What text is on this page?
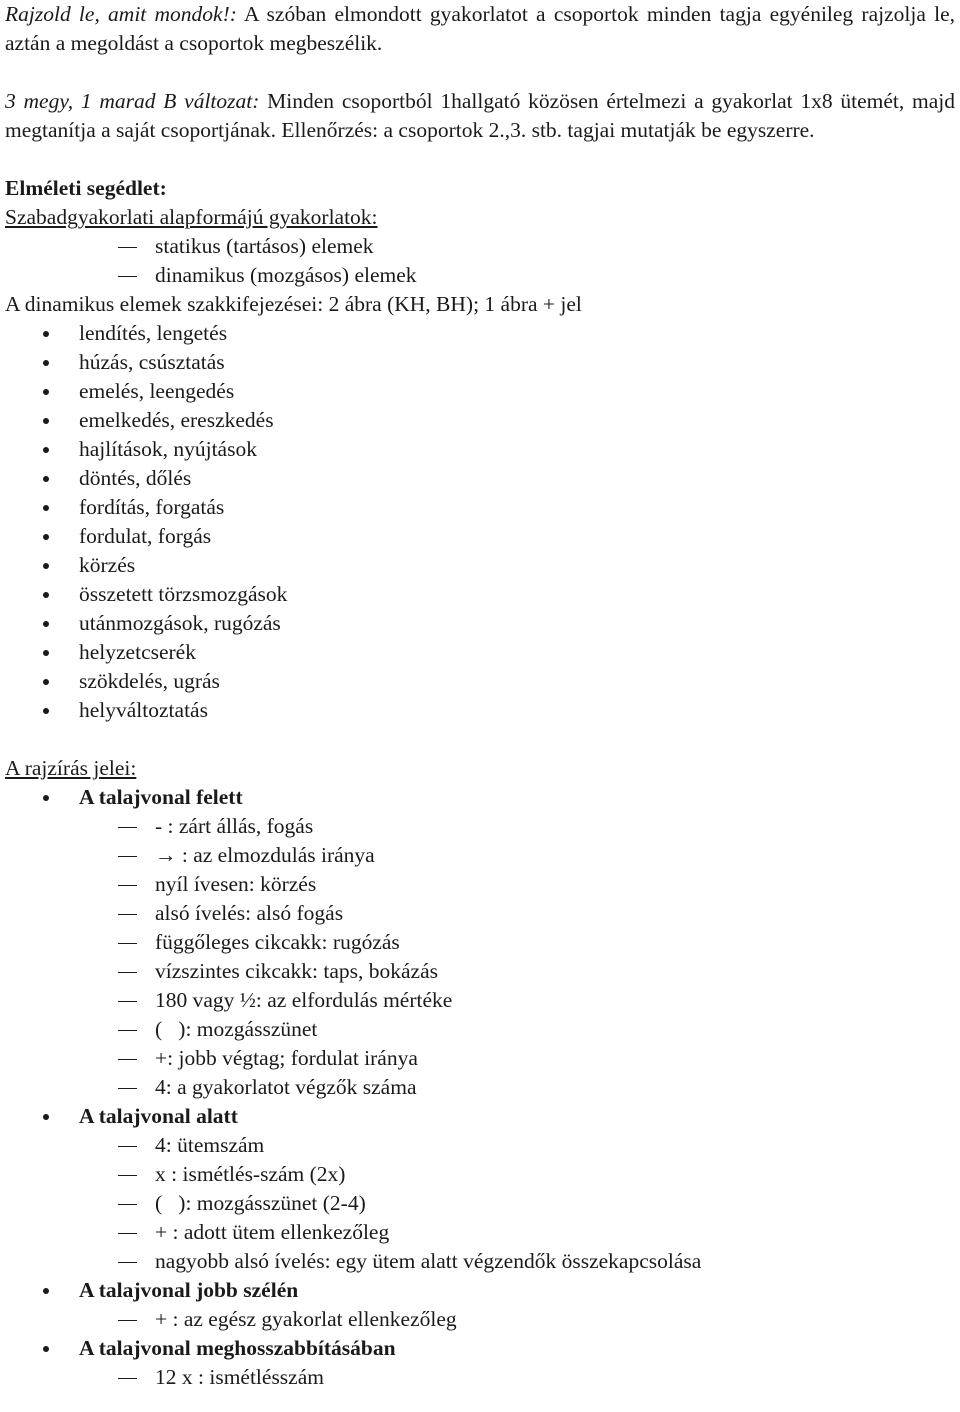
Rajzold le, amit mondok!: A szóban elmondott gyakorlatot a csoportok minden tagja egyénileg rajzolja le, aztán a megoldást a csoportok megbeszélik.

3 megy, 1 marad B változat: Minden csoportból 1hallgató közösen értelmezi a gyakorlat 1x8 ütemét, majd megtanítja a saját csoportjának. Ellenőrzés: a csoportok 2.,3. stb. tagjai mutatják be egyszerre.

Elméleti segédlet:
Szabadgyakorlati alapformájú gyakorlatok:
statikus (tartásos) elemek
dinamikus (mozgásos) elemek
A dinamikus elemek szakkifejezései: 2 ábra (KH, BH); 1 ábra + jel
lendítés, lengetés
húzás, csúsztatás
emelés, leengedés
emelkedés, ereszkedés
hajlítások, nyújtások
döntés, dőlés
fordítás, forgatás
fordulat, forgás
körzés
összetett törzsmozgások
utánmozgások, rugózás
helyzetcserék
szökdelés, ugrás
helyváltoztatás
A rajzírás jelei:
A talajvonal felett
- : zárt állás, fogás
→ : az elmozdulás iránya
nyíl ívesen: körzés
alsó ívelés: alsó fogás
függőleges cikcakk: rugózás
vízszintes cikcakk: taps, bokázás
180 vagy ½: az elfordulás mértéke
(   ): mozgásszünet
+: jobb végtag; fordulat iránya
4: a gyakorlatot végzők száma
A talajvonal alatt
4: ütemszám
x : ismétlés-szám (2x)
(   ): mozgásszünet (2-4)
+ : adott ütem ellenkezőleg
nagyobb alsó ívelés: egy ütem alatt végzendők összekapcsolása
A talajvonal jobb szélén
+ : az egész gyakorlat ellenkezőleg
A talajvonal meghosszabbításában
12 x : ismétlésszám
